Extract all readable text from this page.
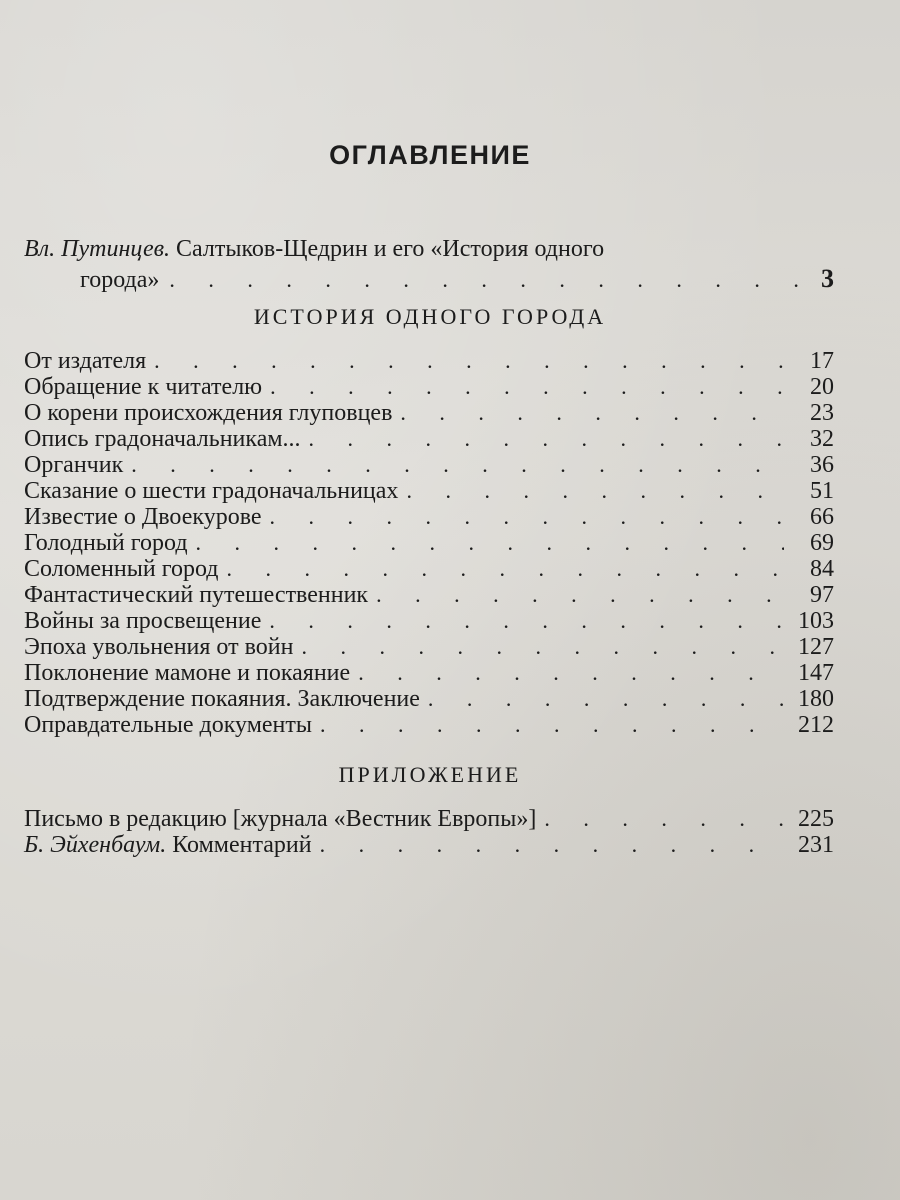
ОГЛАВЛЕНИЕ
Вл. Путинцев. Салтыков-Щедрин и его «История одного
города» . . .	3
ИСТОРИЯ ОДНОГО ГОРОДА
От издателя . . .	17
Обращение к читателю . . .	20
О корени происхождения глуповцев . . .	23
Опись градоначальникам... . . .	32
Органчик . . .	36
Сказание о шести градоначальницах . . .	51
Известие о Двоекурове . . .	66
Голодный город . . .	69
Соломенный город . . .	84
Фантастический путешественник . . .	97
Войны за просвещение . . .	103
Эпоха увольнения от войн . . .	127
Поклонение мамоне и покаяние . . .	147
Подтверждение покаяния. Заключение . . .	180
Оправдательные документы . . .	212
ПРИЛОЖЕНИЕ
Письмо в редакцию [журнала «Вестник Европы»] . . .	225
Б. Эйхенбаум. Комментарий . . .	231
